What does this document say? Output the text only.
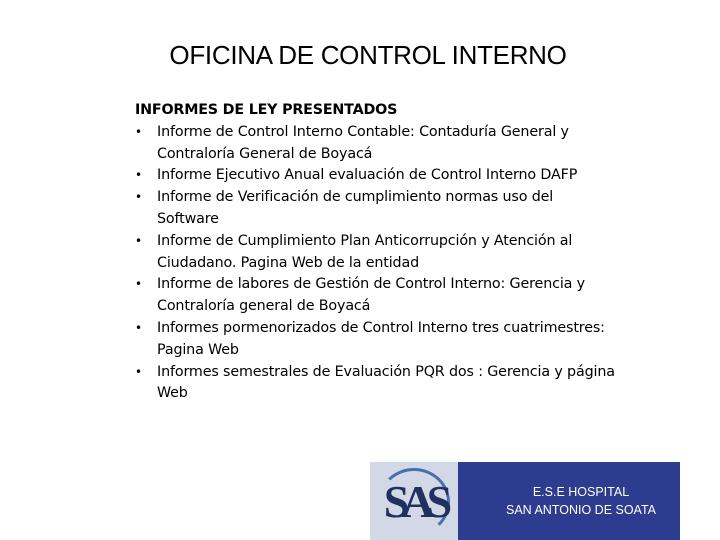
OFICINA DE CONTROL INTERNO

INFORMES DE LEY PRESENTADOS

• Informe de Control Interno Contable: Contaduría General y
Contraloría General de Boyacá
• Informe Ejecutivo Anual evaluación de Control Interno DAFP
• Informe de Verificación de cumplimiento normas uso del
Software
• Informe de Cumplimiento Plan Anticorrupción y Atención al
Ciudadano. Pagina Web de la entidad
• Informe de labores de Gestión de Control Interno: Gerencia y
Contraloría general de Boyacá
• Informes pormenorizados de Control Interno tres cuatrimestres:
Pagina Web
• Informes semestrales de Evaluación PQR dos : Gerencia y página
Web
SAS	E.S.E HOSPITAL
SAN ANTONIO DE SOATA
